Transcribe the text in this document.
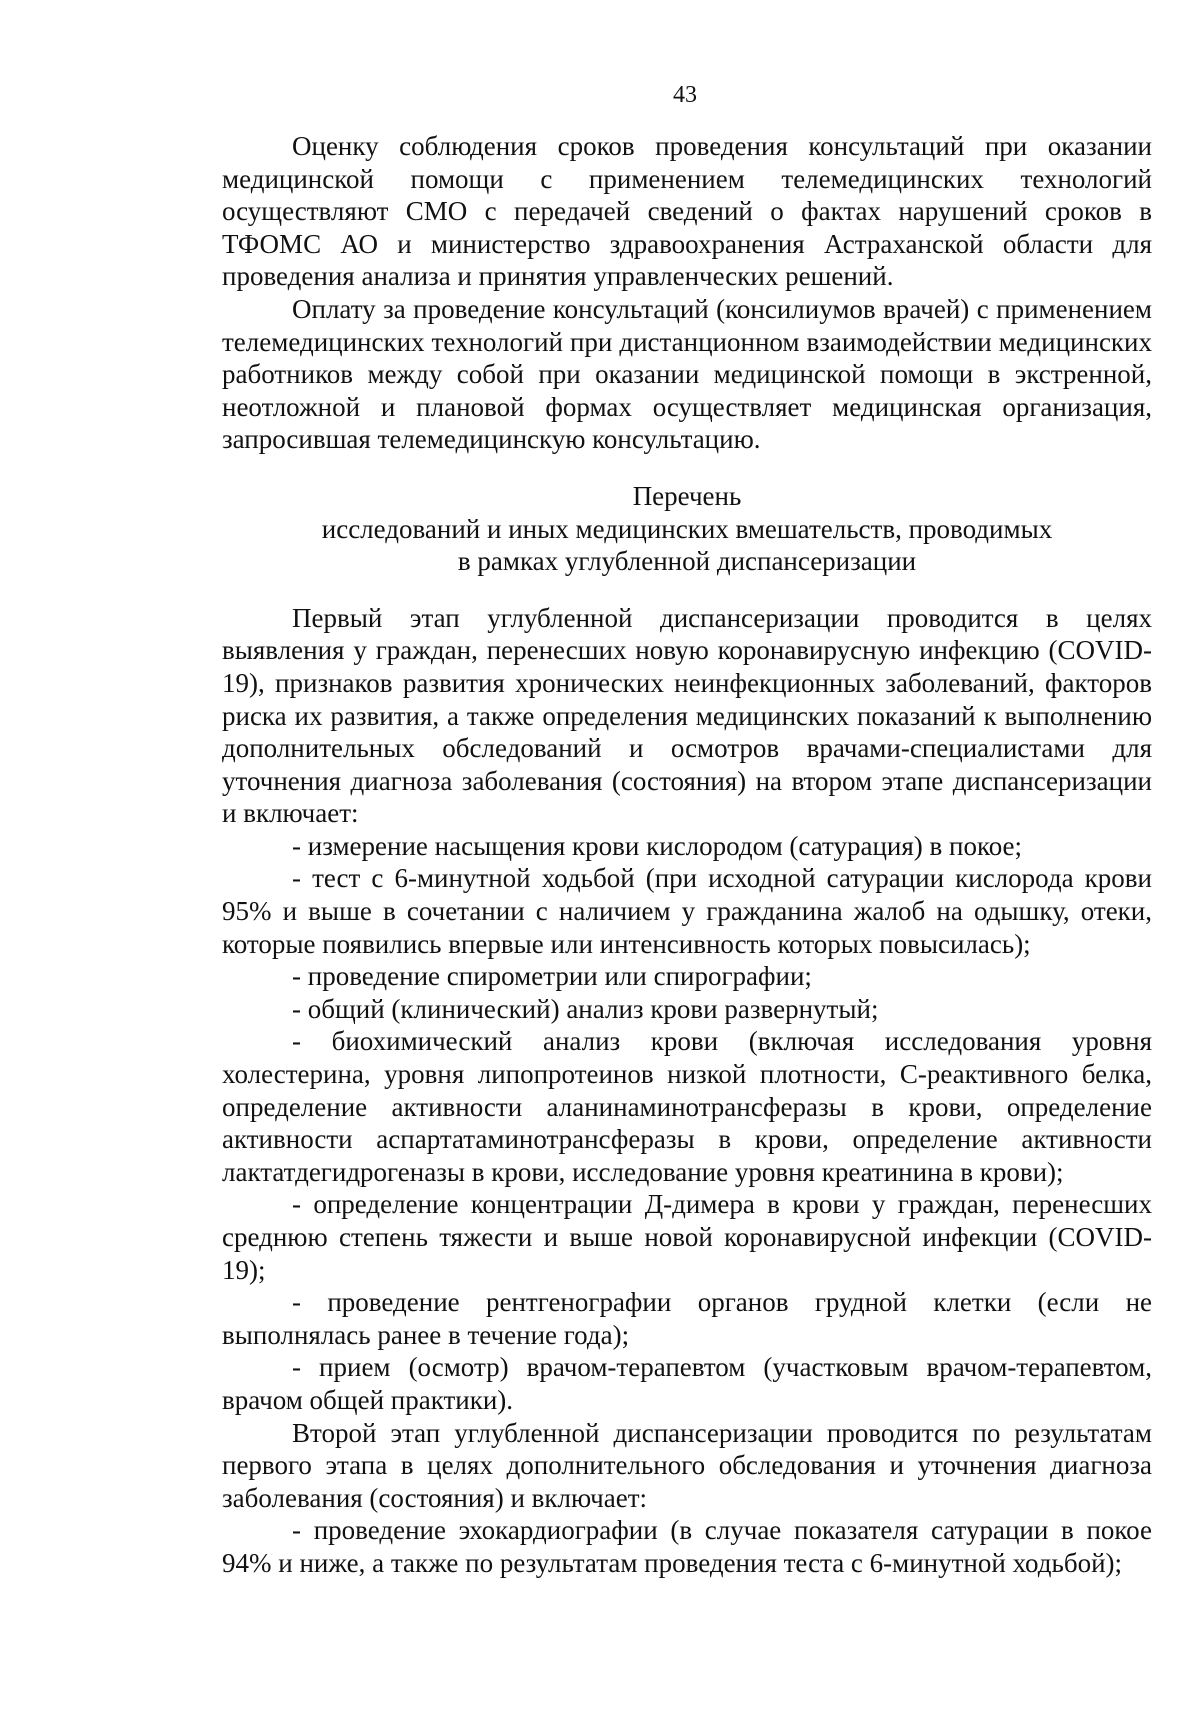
43

Оценку соблюдения сроков проведения консультаций при оказании медицинской помощи с применением телемедицинских технологий осуществляют СМО с передачей сведений о фактах нарушений сроков в ТФОМС АО и министерство здравоохранения Астраханской области для проведения анализа и принятия управленческих решений.

Оплату за проведение консультаций (консилиумов врачей) с применением телемедицинских технологий при дистанционном взаимодействии медицинских работников между собой при оказании медицинской помощи в экстренной, неотложной и плановой формах осуществляет медицинская организация, запросившая телемедицинскую консультацию.

Перечень
исследований и иных медицинских вмешательств, проводимых
в рамках углубленной диспансеризации

Первый этап углубленной диспансеризации проводится в целях выявления у граждан, перенесших новую коронавирусную инфекцию (COVID-19), признаков развития хронических неинфекционных заболеваний, факторов риска их развития, а также определения медицинских показаний к выполнению дополнительных обследований и осмотров врачами-специалистами для уточнения диагноза заболевания (состояния) на втором этапе диспансеризации и включает:

- измерение насыщения крови кислородом (сатурация) в покое;

- тест с 6-минутной ходьбой (при исходной сатурации кислорода крови 95% и выше в сочетании с наличием у гражданина жалоб на одышку, отеки, которые появились впервые или интенсивность которых повысилась);

- проведение спирометрии или спирографии;

- общий (клинический) анализ крови развернутый;

- биохимический анализ крови (включая исследования уровня холестерина, уровня липопротеинов низкой плотности, С-реактивного белка, определение активности аланинаминотрансферазы в крови, определение активности аспартатаминотрансферазы в крови, определение активности лактатдегидрогеназы в крови, исследование уровня креатинина в крови);

- определение концентрации Д-димера в крови у граждан, перенесших среднюю степень тяжести и выше новой коронавирусной инфекции (COVID-19);

- проведение рентгенографии органов грудной клетки (если не выполнялась ранее в течение года);

- прием (осмотр) врачом-терапевтом (участковым врачом-терапевтом, врачом общей практики).

Второй этап углубленной диспансеризации проводится по результатам первого этапа в целях дополнительного обследования и уточнения диагноза заболевания (состояния) и включает:

- проведение эхокардиографии (в случае показателя сатурации в покое 94% и ниже, а также по результатам проведения теста с 6-минутной ходьбой);
